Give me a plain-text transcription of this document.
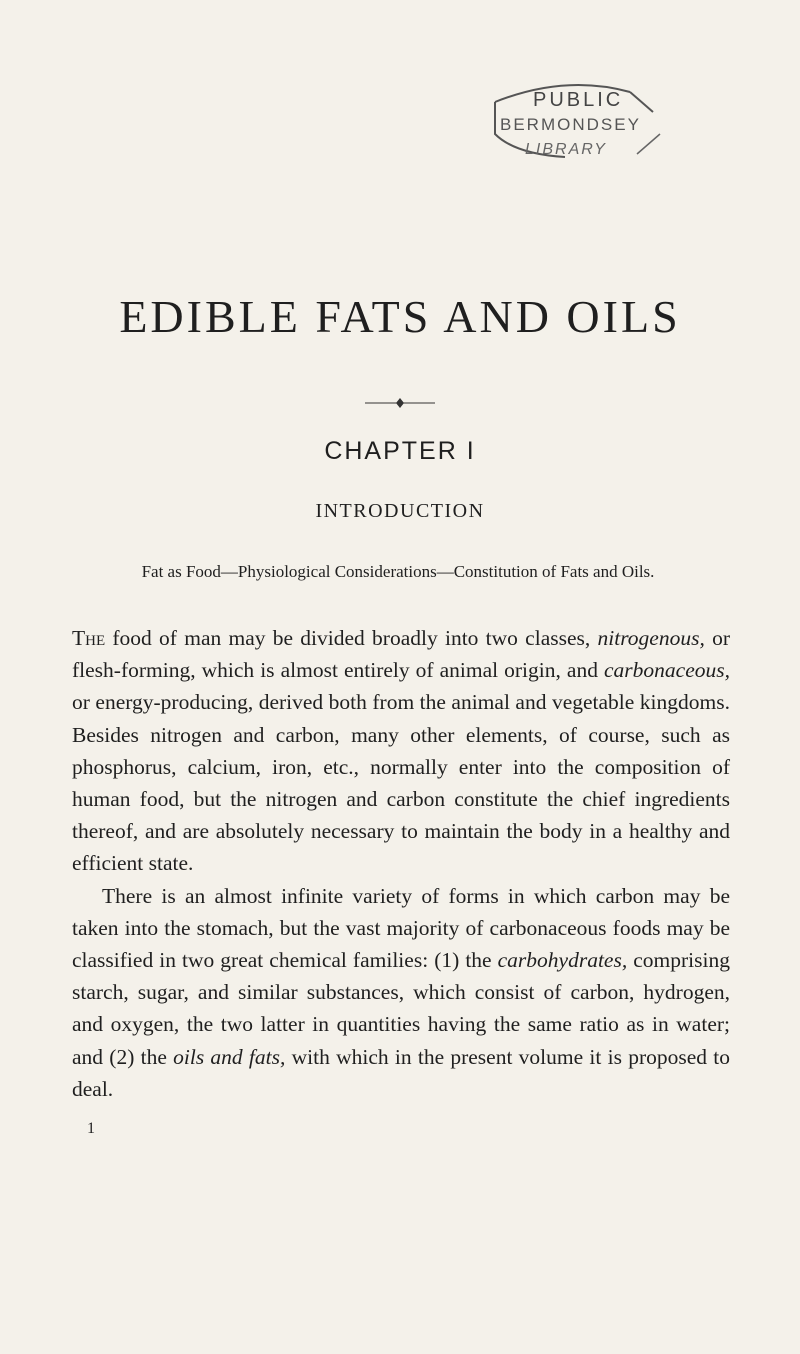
PUBLIC
BERMONDSEY
LIBRARY
EDIBLE FATS AND OILS
CHAPTER I
INTRODUCTION
Fat as Food—Physiological Considerations—Constitution of Fats and Oils.

The food of man may be divided broadly into two classes, nitrogenous, or flesh-forming, which is almost entirely of animal origin, and carbonaceous, or energy-producing, derived both from the animal and vegetable kingdoms. Besides nitrogen and carbon, many other elements, of course, such as phosphorus, calcium, iron, etc., normally enter into the composition of human food, but the nitrogen and carbon constitute the chief ingredients thereof, and are absolutely necessary to maintain the body in a healthy and efficient state.

There is an almost infinite variety of forms in which carbon may be taken into the stomach, but the vast majority of carbonaceous foods may be classified in two great chemical families: (1) the carbohydrates, comprising starch, sugar, and similar substances, which consist of carbon, hydrogen, and oxygen, the two latter in quantities having the same ratio as in water; and (2) the oils and fats, with which in the present volume it is proposed to deal.

1
